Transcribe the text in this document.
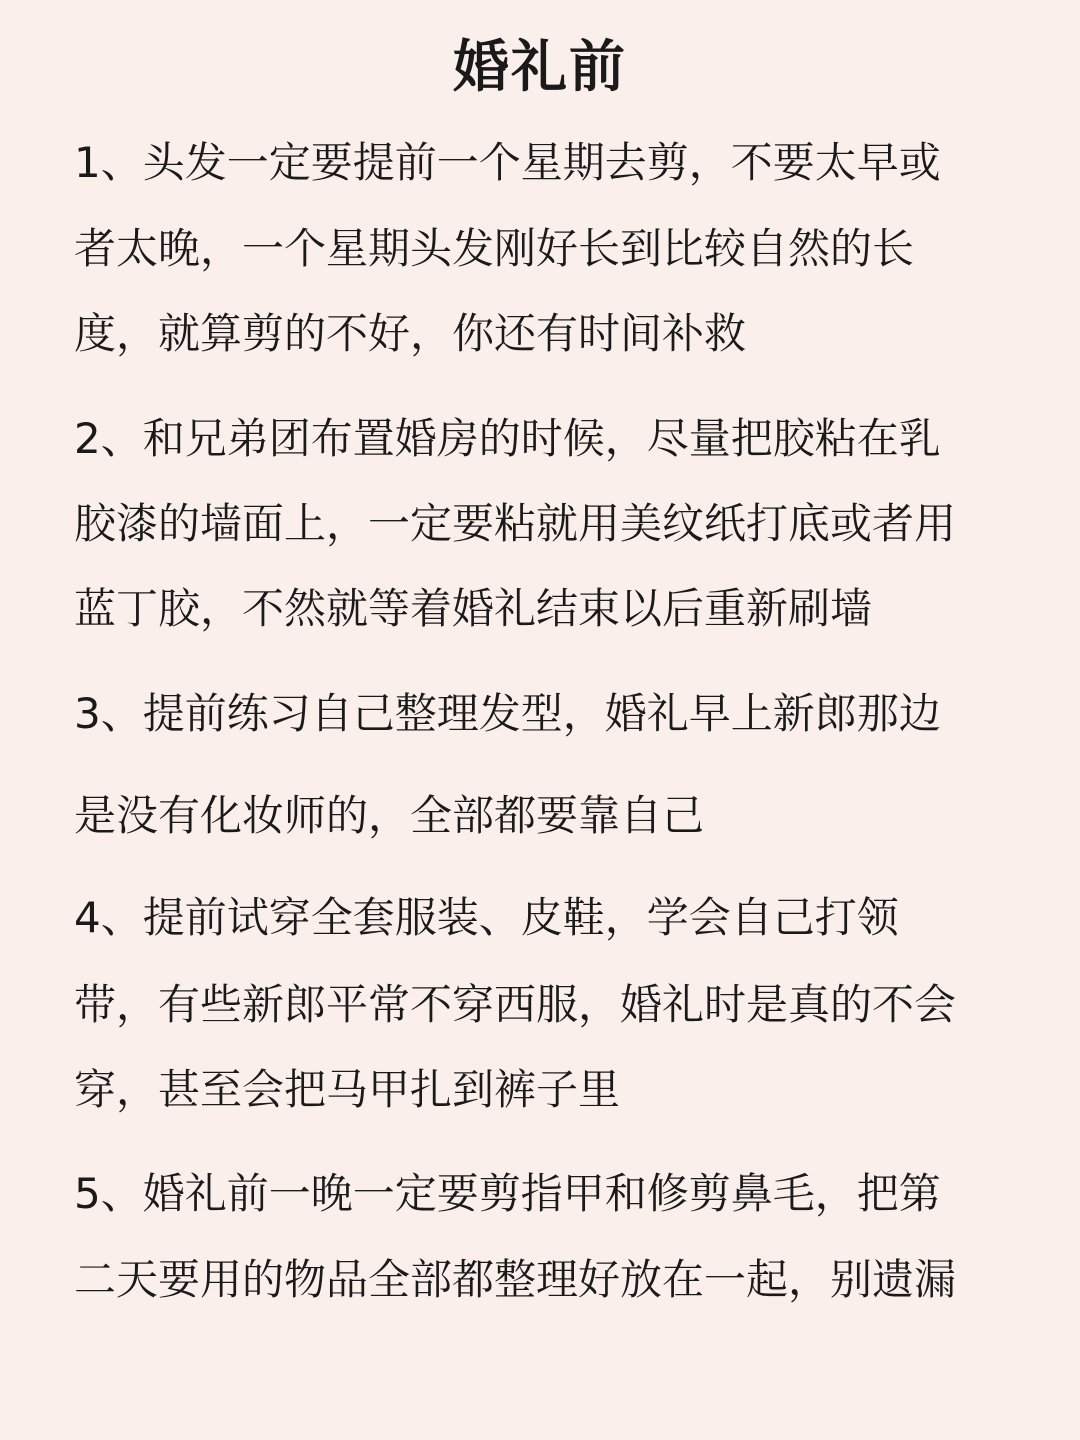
婚礼前
1、头发一定要提前一个星期去剪，不要太早或
者太晚，一个星期头发刚好长到比较自然的长
度，就算剪的不好，你还有时间补救
2、和兄弟团布置婚房的时候，尽量把胶粘在乳
胶漆的墙面上，一定要粘就用美纹纸打底或者用
蓝丁胶，不然就等着婚礼结束以后重新刷墙
3、提前练习自己整理发型，婚礼早上新郎那边
是没有化妆师的，全部都要靠自己
4、提前试穿全套服装、皮鞋，学会自己打领
带，有些新郎平常不穿西服，婚礼时是真的不会
穿，甚至会把马甲扎到裤子里
5、婚礼前一晚一定要剪指甲和修剪鼻毛，把第
二天要用的物品全部都整理好放在一起，别遗漏
